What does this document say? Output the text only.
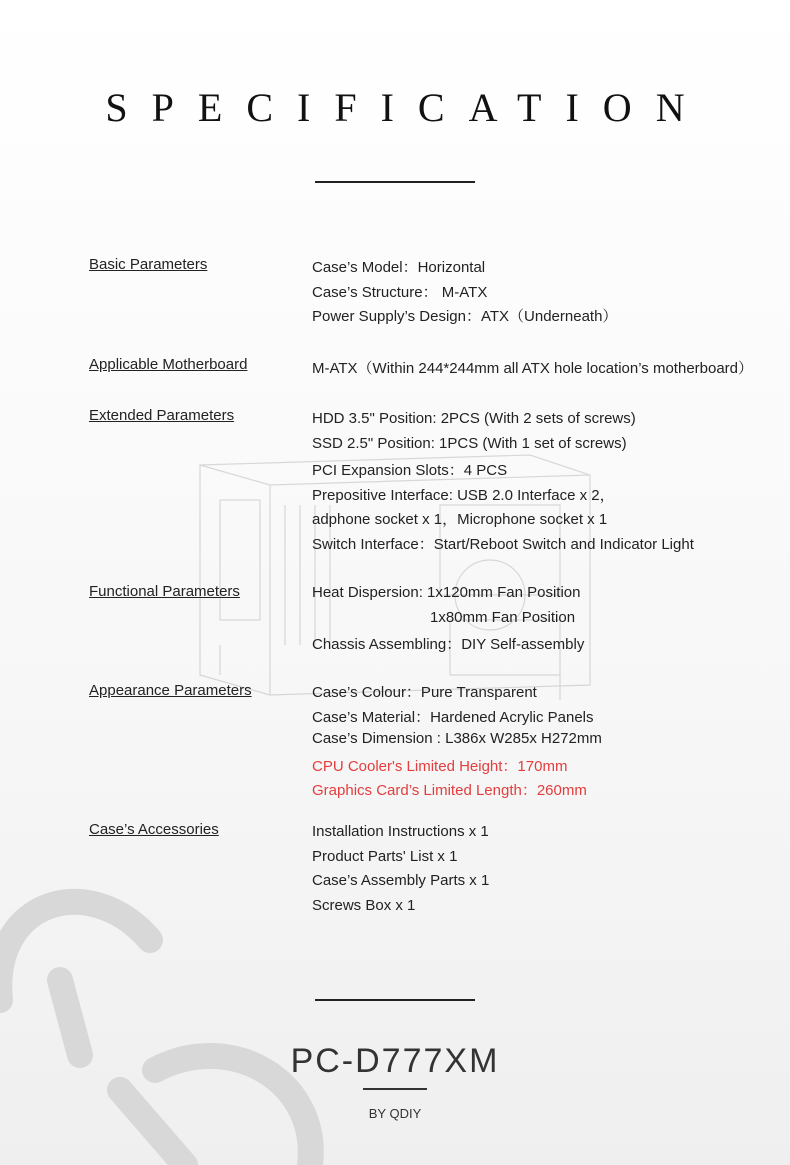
SPECIFICATION
Basic Parameters	Case’s Model：Horizontal
Case’s Structure： M-ATX
Power Supply’s Design：ATX（Underneath）
Applicable Motherboard	M-ATX（Within 244*244mm all ATX hole location’s motherboard）
Extended Parameters	HDD 3.5" Position: 2PCS (With 2 sets of screws)
SSD 2.5" Position: 1PCS (With 1 set of screws)
PCI Expansion Slots：4 PCS
Prepositive Interface: USB 2.0 Interface x 2，
adphone socket x 1，Microphone socket x 1
Switch Interface：Start/Reboot Switch and Indicator Light
Functional Parameters	Heat Dispersion: 1x120mm Fan Position
1x80mm Fan Position
Chassis Assembling：DIY Self-assembly
Appearance Parameters	Case’s Colour：Pure Transparent
Case’s Material：Hardened Acrylic Panels
Case’s Dimension : L386x W285x H272mm
CPU Cooler's Limited Height：170mm
Graphics Card’s Limited Length：260mm
Case’s Accessories	Installation Instructions x 1
Product Parts' List x 1
Case’s Assembly Parts x 1
Screws Box x 1
PC-D777XM
BY QDIY
